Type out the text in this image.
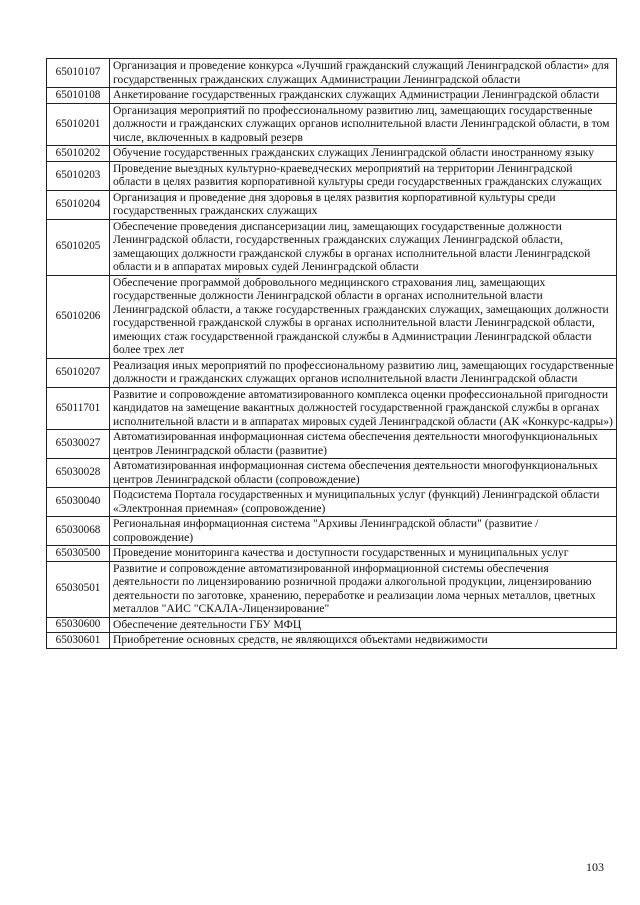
65010107	Организация и проведение конкурса «Лучший гражданский служащий Ленинградской области» для государственных гражданских служащих Администрации Ленинградской области
65010108	Анкетирование государственных гражданских служащих Администрации Ленинградской области
65010201	Организация мероприятий по профессиональному развитию лиц, замещающих государственные должности и гражданских служащих органов исполнительной власти Ленинградской области, в том числе, включенных в кадровый резерв
65010202	Обучение государственных гражданских служащих Ленинградской области иностранному языку
65010203	Проведение выездных культурно-краеведческих мероприятий на территории Ленинградской области в целях развития корпоративной культуры среди государственных гражданских служащих
65010204	Организация и проведение дня здоровья в целях развития корпоративной культуры среди государственных гражданских служащих
65010205	Обеспечение проведения диспансеризации лиц, замещающих государственные должности Ленинградской области, государственных гражданских служащих Ленинградской области, замещающих должности гражданской службы в органах исполнительной власти Ленинградской области и в аппаратах мировых судей Ленинградской области
65010206	Обеспечение программой добровольного медицинского страхования лиц, замещающих государственные должности Ленинградской области в органах исполнительной власти Ленинградской области, а также государственных гражданских служащих, замещающих должности государственной гражданской службы в органах исполнительной власти Ленинградской области, имеющих стаж государственной гражданской службы в Администрации Ленинградской области более трех лет
65010207	Реализация иных мероприятий по профессиональному развитию лиц, замещающих государственные должности и гражданских служащих органов исполнительной власти Ленинградской области
65011701	Развитие и сопровождение автоматизированного комплекса оценки профессиональной пригодности кандидатов на замещение вакантных должностей государственной гражданской службы в органах исполнительной власти и в аппаратах мировых судей Ленинградской области (АК «Конкурс-кадры»)
65030027	Автоматизированная информационная система обеспечения деятельности многофункциональных центров Ленинградской области (развитие)
65030028	Автоматизированная информационная система обеспечения деятельности многофункциональных центров Ленинградской области (сопровождение)
65030040	Подсистема Портала государственных и муниципальных услуг (функций) Ленинградской области «Электронная приемная» (сопровождение)
65030068	Региональная информационная система "Архивы Ленинградской области" (развитие / сопровождение)
65030500	Проведение мониторинга качества и доступности государственных и муниципальных услуг
65030501	Развитие и сопровождение автоматизированной информационной системы обеспечения деятельности по лицензированию розничной продажи алкогольной продукции, лицензированию деятельности по заготовке, хранению, переработке и реализации лома черных металлов, цветных металлов "АИС "СКАЛА-Лицензирование"
65030600	Обеспечение деятельности ГБУ МФЦ
65030601	Приобретение основных средств, не являющихся объектами недвижимости
103
